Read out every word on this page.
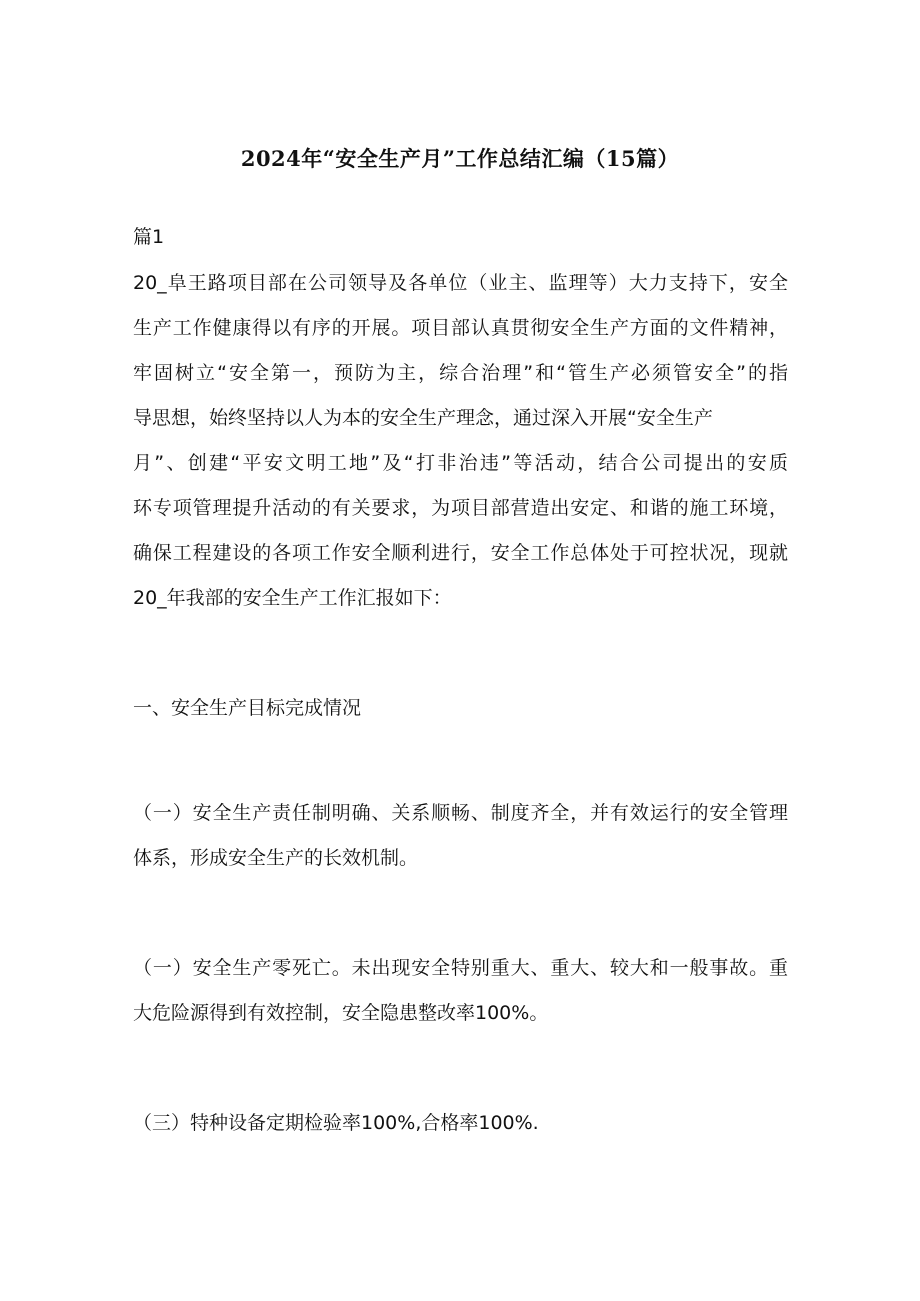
2024年“安全生产月”工作总结汇编（15篇）
篇1
20_阜王路项目部在公司领导及各单位（业主、监理等）大力支持下，安全
生产工作健康得以有序的开展。项目部认真贯彻安全生产方面的文件精神，
牢固树立“安全第一，预防为主，综合治理”和“管生产必须管安全”的指
导思想，始终坚持以人为本的安全生产理念，通过深入开展“安全生产
月”、创建“平安文明工地”及“打非治违”等活动，结合公司提出的安质
环专项管理提升活动的有关要求，为项目部营造出安定、和谐的施工环境，
确保工程建设的各项工作安全顺利进行，安全工作总体处于可控状况，现就
20_年我部的安全生产工作汇报如下：
一、安全生产目标完成情况
（一）安全生产责任制明确、关系顺畅、制度齐全，并有效运行的安全管理
体系，形成安全生产的长效机制。
（一）安全生产零死亡。未出现安全特别重大、重大、较大和一般事故。重
大危险源得到有效控制，安全隐患整改率100%。
（三）特种设备定期检验率100%,合格率100%.
